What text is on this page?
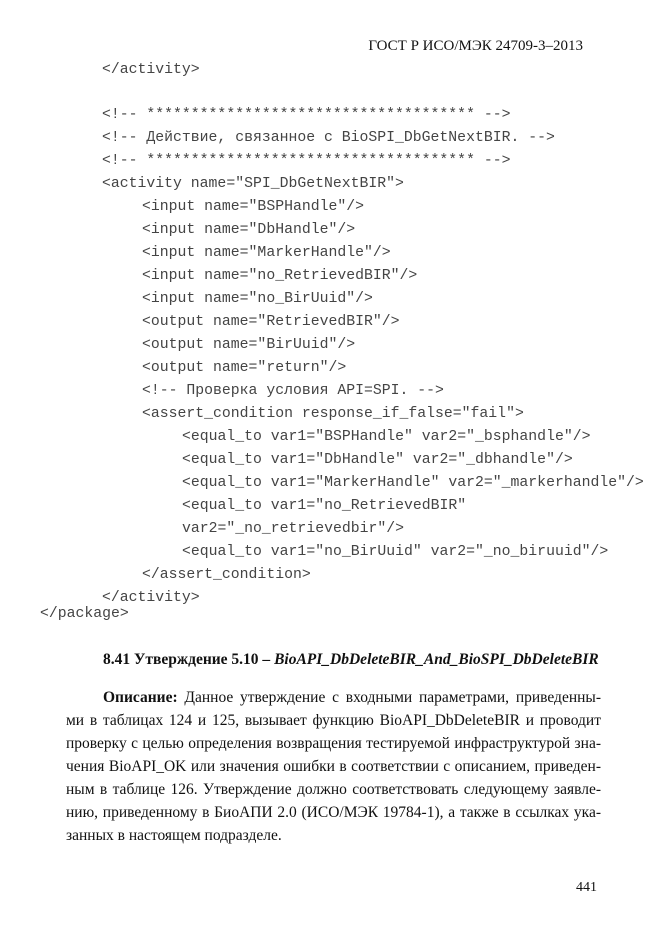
ГОСТ Р ИСО/МЭК 24709-3–2013
</activity>
<!-- ************************************* -->
<!-- Действие, связанное с BioSPI_DbGetNextBIR. -->
<!-- ************************************* -->
<activity name="SPI_DbGetNextBIR">
<input name="BSPHandle"/>
<input name="DbHandle"/>
<input name="MarkerHandle"/>
<input name="no_RetrievedBIR"/>
<input name="no_BirUuid"/>
<output name="RetrievedBIR"/>
<output name="BirUuid"/>
<output name="return"/>
<!-- Проверка условия API=SPI. -->
<assert_condition response_if_false="fail">
<equal_to var1="BSPHandle" var2="_bsphandle"/>
<equal_to var1="DbHandle" var2="_dbhandle"/>
<equal_to var1="MarkerHandle" var2="_markerhandle"/>
<equal_to var1="no_RetrievedBIR"
var2="_no_retrievedbir"/>
<equal_to var1="no_BirUuid" var2="_no_biruuid"/>
</assert_condition>
</activity>
</package>
8.41 Утверждение 5.10 – BioAPI_DbDeleteBIR_And_BioSPI_DbDeleteBIR
Описание: Данное утверждение с входными параметрами, приведенны-
ми в таблицах 124 и 125, вызывает функцию BioAPI_DbDeleteBIR и проводит
проверку с целью определения возвращения тестируемой инфраструктурой зна-
чения BioAPI_OK или значения ошибки в соответствии с описанием, приведен-
ным в таблице 126. Утверждение должно соответствовать следующему заявле-
нию, приведенному в БиоАПИ 2.0 (ИСО/МЭК 19784-1), а также в ссылках ука-
занных в настоящем подразделе.
441
